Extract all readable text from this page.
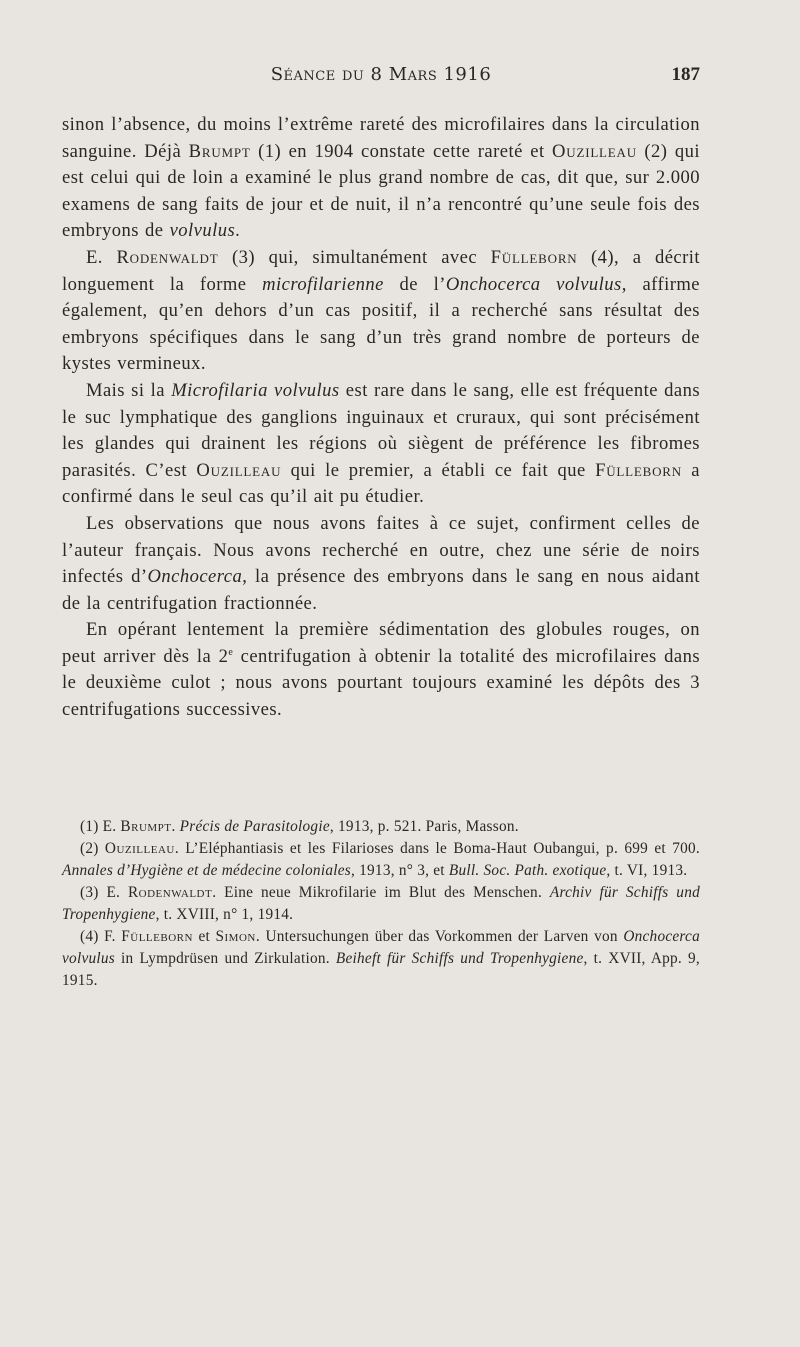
Séance du 8 Mars 1916	187

sinon l’absence, du moins l’extrême rareté des microfilaires dans la circulation sanguine. Déjà Brumpt (1) en 1904 constate cette rareté et Ouzilleau (2) qui est celui qui de loin a examiné le plus grand nombre de cas, dit que, sur 2.000 examens de sang faits de jour et de nuit, il n’a rencontré qu’une seule fois des embryons de volvulus.

E. Rodenwaldt (3) qui, simultanément avec Fülleborn (4), a décrit longuement la forme microfilarienne de l’Onchocerca volvulus, affirme également, qu’en dehors d’un cas positif, il a recherché sans résultat des embryons spécifiques dans le sang d’un très grand nombre de porteurs de kystes vermineux.

Mais si la Microfilaria volvulus est rare dans le sang, elle est fréquente dans le suc lymphatique des ganglions inguinaux et cruraux, qui sont précisément les glandes qui drainent les régions où siègent de préférence les fibromes parasités. C’est Ouzilleau qui le premier, a établi ce fait que Fülleborn a confirmé dans le seul cas qu’il ait pu étudier.

Les observations que nous avons faites à ce sujet, confirment celles de l’auteur français. Nous avons recherché en outre, chez une série de noirs infectés d’Onchocerca, la présence des embryons dans le sang en nous aidant de la centrifugation fractionnée.

En opérant lentement la première sédimentation des globules rouges, on peut arriver dès la 2e centrifugation à obtenir la totalité des microfilaires dans le deuxième culot ; nous avons pourtant toujours examiné les dépôts des 3 centrifugations successives.

(1) E. Brumpt. Précis de Parasitologie, 1913, p. 521. Paris, Masson.

(2) Ouzilleau. L’Eléphantiasis et les Filarioses dans le Boma-Haut Oubangui, p. 699 et 700. Annales d’Hygiène et de médecine coloniales, 1913, n° 3, et Bull. Soc. Path. exotique, t. VI, 1913.

(3) E. Rodenwaldt. Eine neue Mikrofilarie im Blut des Menschen. Archiv für Schiffs und Tropenhygiene, t. XVIII, n° 1, 1914.

(4) F. Fülleborn et Simon. Untersuchungen über das Vorkommen der Larven von Onchocerca volvulus in Lympdrüsen und Zirkulation. Beiheft für Schiffs und Tropenhygiene, t. XVII, App. 9, 1915.
